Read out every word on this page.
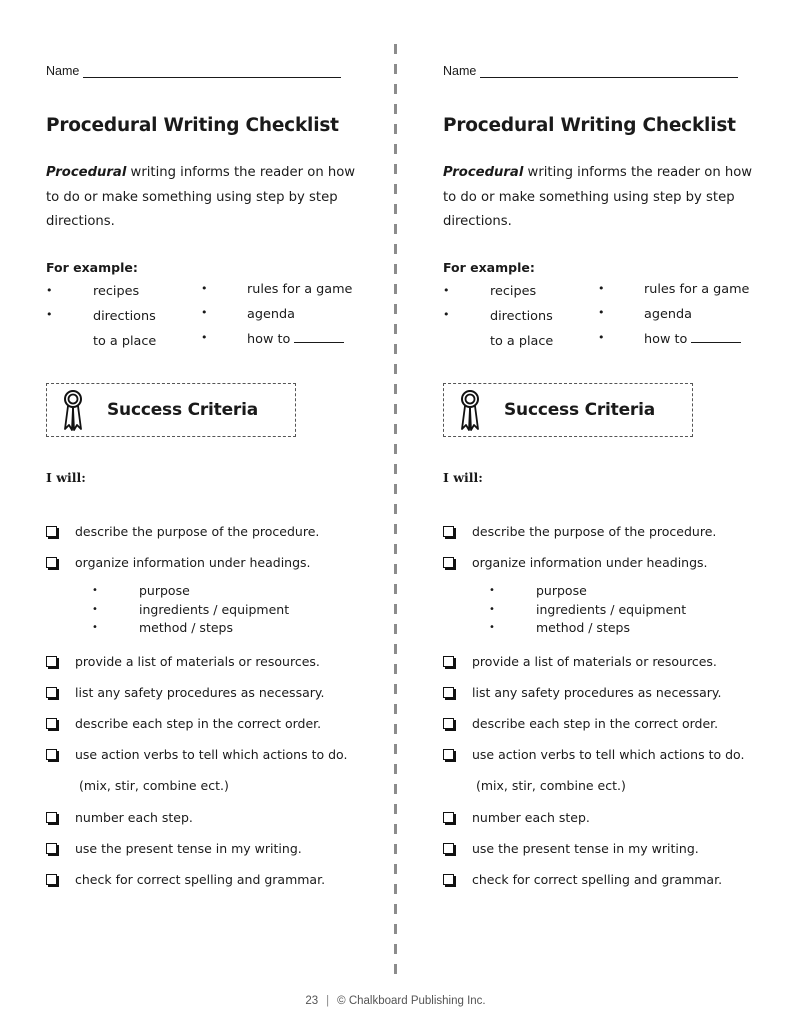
Name
Procedural Writing Checklist
Procedural writing informs the reader on how to do or make something using step by step directions.
For example:
•	recipes
•	directions
to a place
•	rules for a game
•	agenda
•	how to
Success Criteria
I will:
describe the purpose of the procedure.
organize information under headings.
•	purpose
•	ingredients / equipment
•	method / steps
provide a list of materials or resources.
list any safety procedures as necessary.
describe each step in the correct order.
use action verbs to tell which actions to do.
(mix, stir, combine ect.)
number each step.
use the present tense in my writing.
check for correct spelling and grammar.
Name
Procedural Writing Checklist
Procedural writing informs the reader on how to do or make something using step by step directions.
For example:
•	recipes
•	directions
to a place
•	rules for a game
•	agenda
•	how to
Success Criteria
I will:
describe the purpose of the procedure.
organize information under headings.
•	purpose
•	ingredients / equipment
•	method / steps
provide a list of materials or resources.
list any safety procedures as necessary.
describe each step in the correct order.
use action verbs to tell which actions to do.
(mix, stir, combine ect.)
number each step.
use the present tense in my writing.
check for correct spelling and grammar.
23 | © Chalkboard Publishing Inc.
